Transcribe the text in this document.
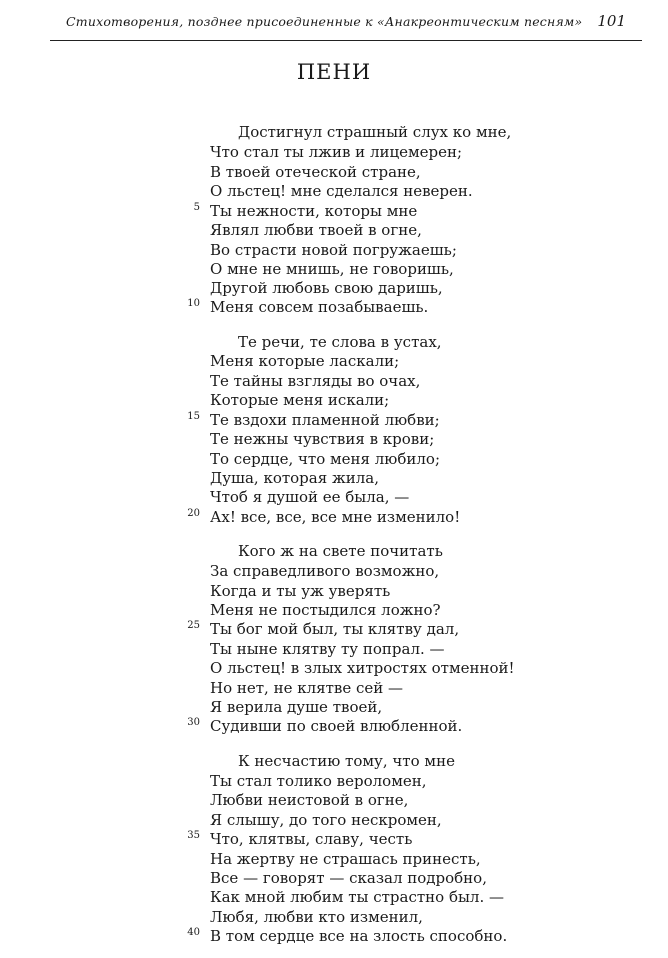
Стихотворения, позднее присоединенные к «Анакреонтическим песням» 101
ПЕНИ
Достигнул страшный слух ко мне,
Что стал ты лжив и лицемерен;
В твоей отеческой стране,
О льстец! мне сделался неверен.
Ты нежности, которы мне
Являл любви твоей в огне,
Во страсти новой погружаешь;
О мне не мнишь, не говоришь,
Другой любовь свою даришь,
Меня совсем позабываешь.
Те речи, те слова в устах,
Меня которые ласкали;
Те тайны взгляды во очах,
Которые меня искали;
Те вздохи пламенной любви;
Те нежны чувствия в крови;
То сердце, что меня любило;
Душа, которая жила,
Чтоб я душой ее была, —
Ах! все, все, все мне изменило!
Кого ж на свете почитать
За справедливого возможно,
Когда и ты уж уверять
Меня не постыдился ложно?
Ты бог мой был, ты клятву дал,
Ты ныне клятву ту попрал. —
О льстец! в злых хитростях отменной!
Но нет, не клятве сей —
Я верила душе твоей,
Судивши по своей влюбленной.
К несчастию тому, что мне
Ты стал толико вероломен,
Любви неистовой в огне,
Я слышу, до того нескромен,
Что, клятвы, славу, честь
На жертву не страшась принесть,
Все — говорят — сказал подробно,
Как мной любим ты страстно был. —
Любя, любви кто изменил,
В том сердце все на злость способно.
5
10
15
20
25
30
35
40
